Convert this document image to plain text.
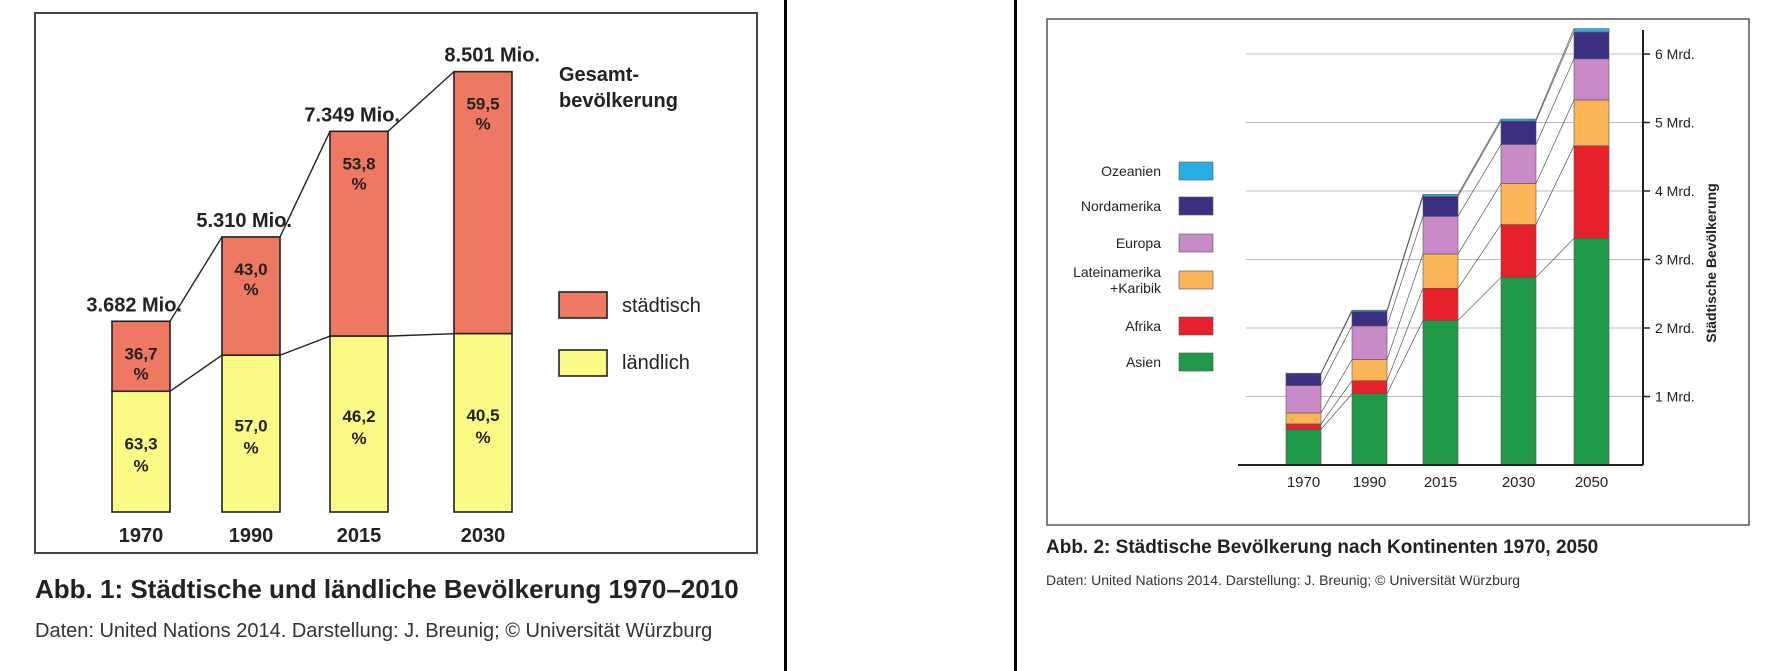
36,7
%
63,3
%
1970
3.682 Mio.
43,0
%
57,0
%
1990
5.310 Mio.
53,8
%
46,2
%
2015
7.349 Mio.
59,5
%
40,5
%
2030
8.501 Mio.
Gesamt-
bevölkerung
städtisch
ländlich
Abb. 1: Städtische und ländliche Bevölkerung 1970–2010
Daten: United Nations 2014. Darstellung: J. Breunig; © Universität Würzburg
1 Mrd.
2 Mrd.
3 Mrd.
4 Mrd.
5 Mrd.
6 Mrd.
1970 1990	2015	2030	2050
Städtische Bevölkerung
Ozeanien
Nordamerika
Europa
Lateinamerika
+Karibik
Afrika
Asien
Abb. 2: Städtische Bevölkerung nach Kontinenten 1970, 2050
Daten: United Nations 2014. Darstellung: J. Breunig; © Universität Würzburg
